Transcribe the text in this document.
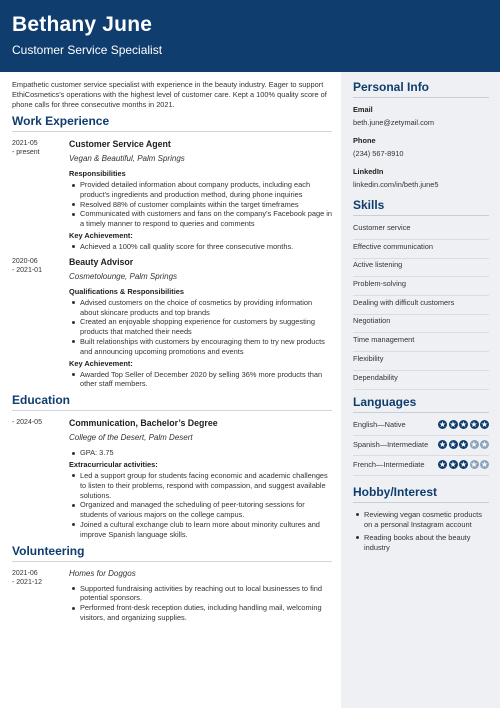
Bethany June
Customer Service Specialist
Empathetic customer service specialist with experience in the beauty industry. Eager to support EthiCosmetics's operations with the highest level of customer care. Kept a 100% quality score of phone calls for three consecutive months in 2021.
Work Experience
2021-05
- present
Customer Service Agent
Vegan & Beautiful, Palm Springs
Responsibilities
Provided detailed information about company products, including each product's ingredients and production method, during phone inquiries
Resolved 88% of customer complaints within the target timeframes
Communicated with customers and fans on the company's Facebook page in a timely manner to respond to queries and comments
Key Achievement:
Achieved a 100% call quality score for three consecutive months.
2020-06
- 2021-01
Beauty Advisor
Cosmetolounge, Palm Springs
Qualifications & Responsibilities
Advised customers on the choice of cosmetics by providing information about skincare products and top brands
Created an enjoyable shopping experience for customers by suggesting products that matched their needs
Built relationships with customers by encouraging them to try new products and announcing upcoming promotions and events
Key Achievement:
Awarded Top Seller of December 2020 by selling 36% more products than other staff members.
Education
- 2024-05	Communication, Bachelor’s Degree
College of the Desert, Palm Desert
GPA: 3.75
Extracurricular activities:
Led a support group for students facing economic and academic challenges to listen to their problems, respond with compassion, and suggest available solutions.
Organized and managed the scheduling of peer-tutoring sessions for students of various majors on the college campus.
Joined a cultural exchange club to learn more about minority cultures and improve Spanish language skills.
Volunteering
2021-06
- 2021-12
Homes for Doggos
Supported fundraising activities by reaching out to local businesses to find potential sponsors.
Performed front-desk reception duties, including handling mail, welcoming visitors, and organizing supplies.
Personal Info
Email
beth.june@zetymail.com
Phone
(234) 567-8910
LinkedIn
linkedin.com/in/beth.june5
Skills
Customer service
Effective communication
Active listening
Problem-solving
Dealing with difficult customers
Negotiation
Time management
Flexibility
Dependability
Languages
English—Native
★
★
★
★
★
Spanish—Intermediate
★
★
★
★
★
French—Intermediate
★
★
★
★
★
Hobby/Interest
Reviewing vegan cosmetic products on a personal Instagram account
Reading books about the beauty industry
